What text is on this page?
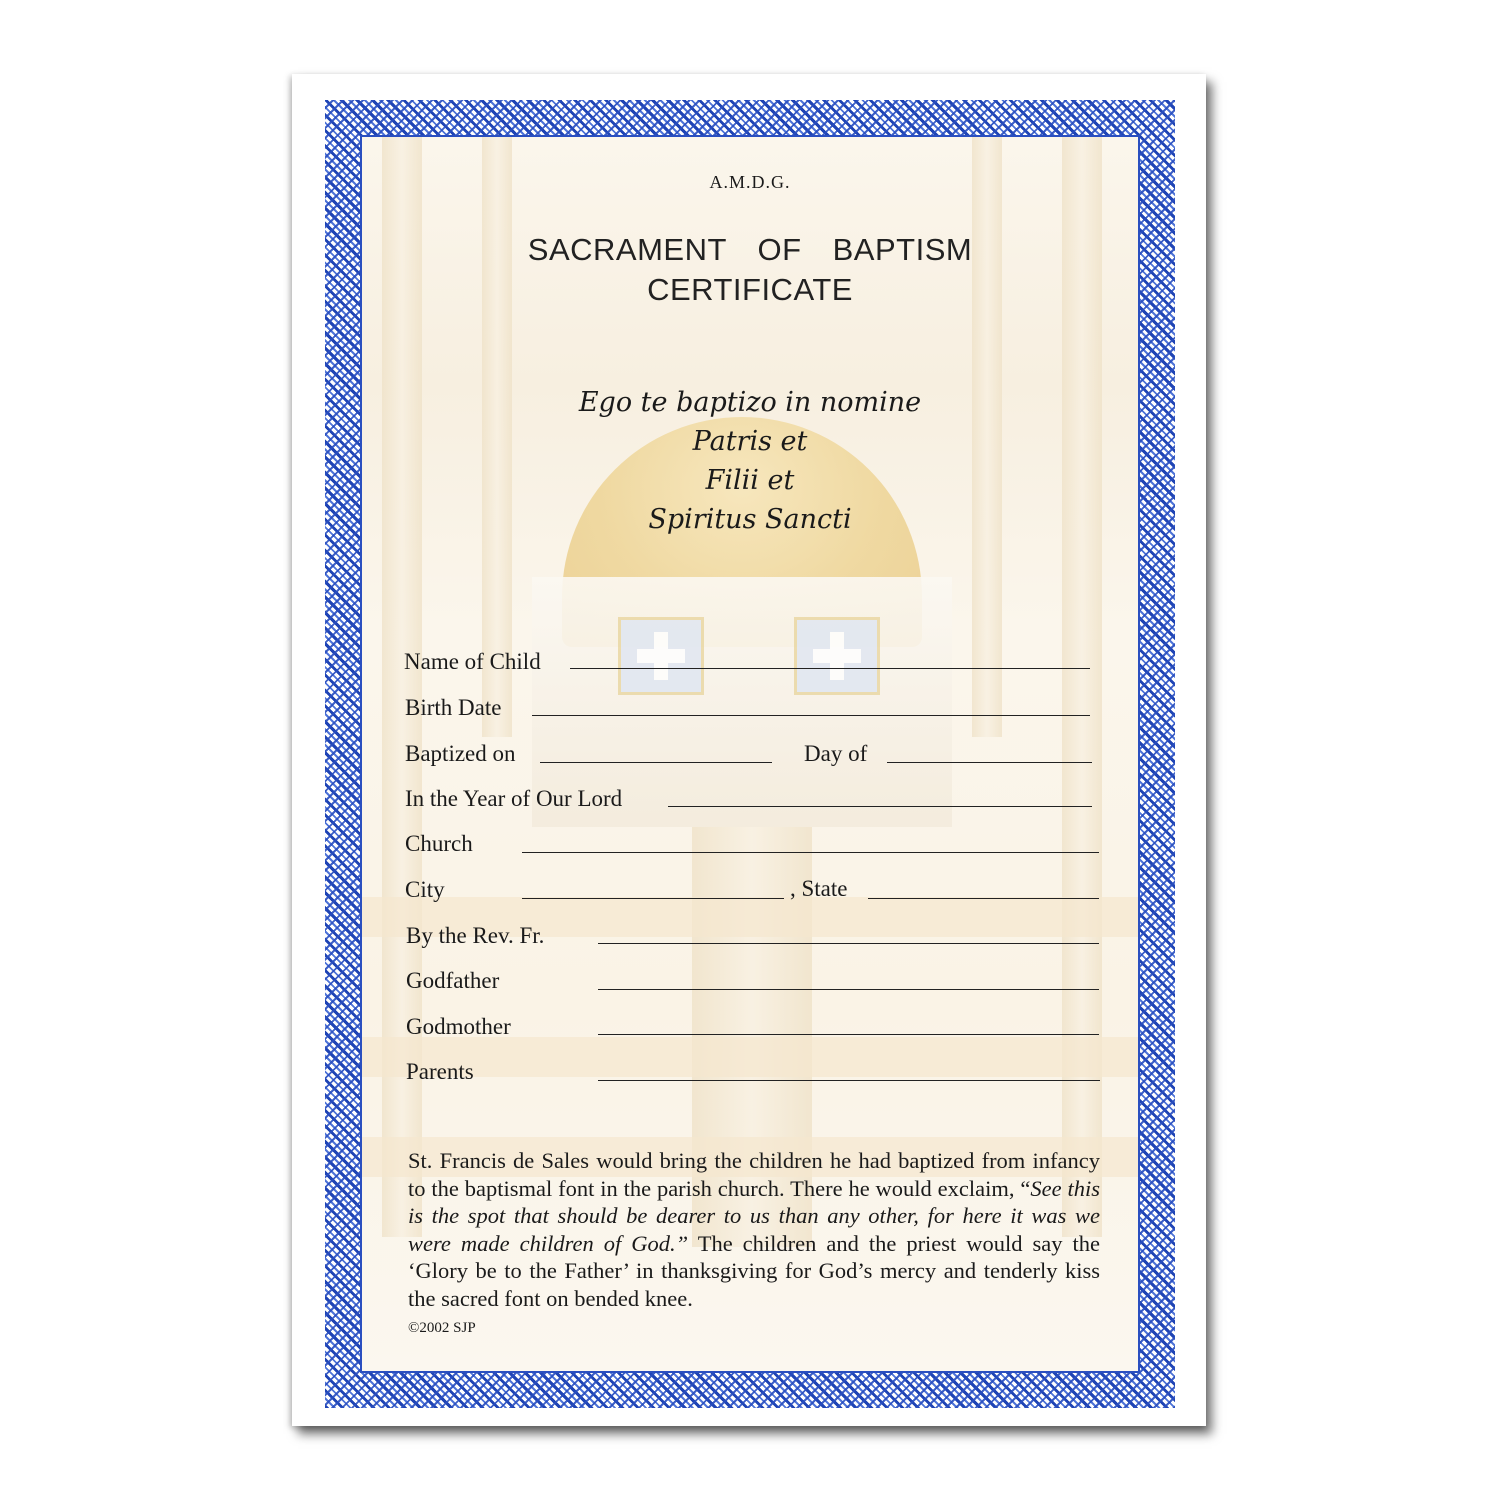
A.M.D.G.
SACRAMENT OF BAPTISM
CERTIFICATE
Ego te baptizo in nomine
Patris et
Filii et
Spiritus Sancti
Name of Child
Birth Date
Baptized on	Day of
In the Year of Our Lord
Church
City	, State
By the Rev. Fr.
Godfather
Godmother
Parents
St. Francis de Sales would bring the children he had baptized from infancy to the baptismal font in the parish church. There he would exclaim, “See this is the spot that should be dearer to us than any other, for here it was we were made children of God.” The children and the priest would say the ‘Glory be to the Father’ in thanksgiving for God’s mercy and tenderly kiss the sacred font on bended knee.
©2002 SJP
